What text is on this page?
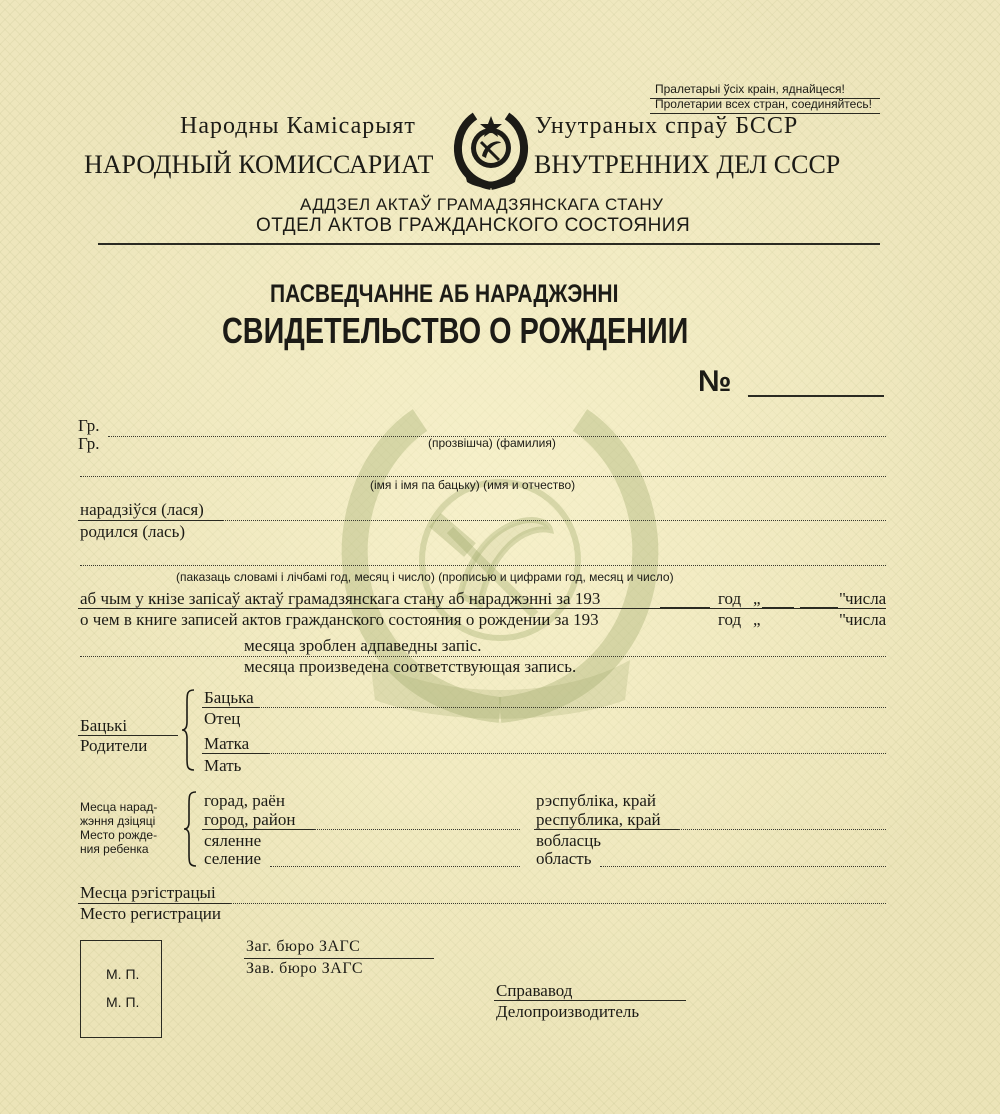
Пралетарыі ўсіх краін, яднайцеся!
Пролетарии всех стран, соединяйтесь!
Народны Камісарыят	Унутраных спраў БССР
НАРОДНЫЙ КОМИССАРИАТ	ВНУТРЕННИХ ДЕЛ СССР
АДДЗЕЛ АКТАЎ ГРАМАДЗЯНСКАГА СТАНУ
ОТДЕЛ АКТОВ ГРАЖДАНСКОГО СОСТОЯНИЯ
ПАСВЕДЧАННЕ АБ НАРАДЖЭННІ
СВИДЕТЕЛЬСТВО О РОЖДЕНИИ
№
Гр.
Гр.	(прозвішча) (фамилия)
(імя і імя па бацьку) (имя и отчество)
нарадзіўся (лася)
родился (лась)
(паказаць словамі і лічбамі год, месяц і число) (прописью и цифрами год, месяц и число)
аб чым у кнізе запісаў актаў грамадзянскага стану аб нараджэнні за 193	год „	" числа
о чем в книге записей актов гражданского состояния о рождении за 193	год „	" числа
месяца зроблен адпаведны запіс.
месяца произведена соответствующая запись.
Бацькі
Родители
Бацька
Отец
Матка
Мать
Месца нарад-
жэння дзіцяці
Место рожде-
ния ребенка
горад, раён
город, район
рэспубліка, край
республика, край
сяленне
селение
вобласць
область
Месца рэгістрацыі
Место регистрации
М. П.
М. П.
Заг. бюро ЗАГС
Зав. бюро ЗАГС
Справавод
Делопроизводитель
